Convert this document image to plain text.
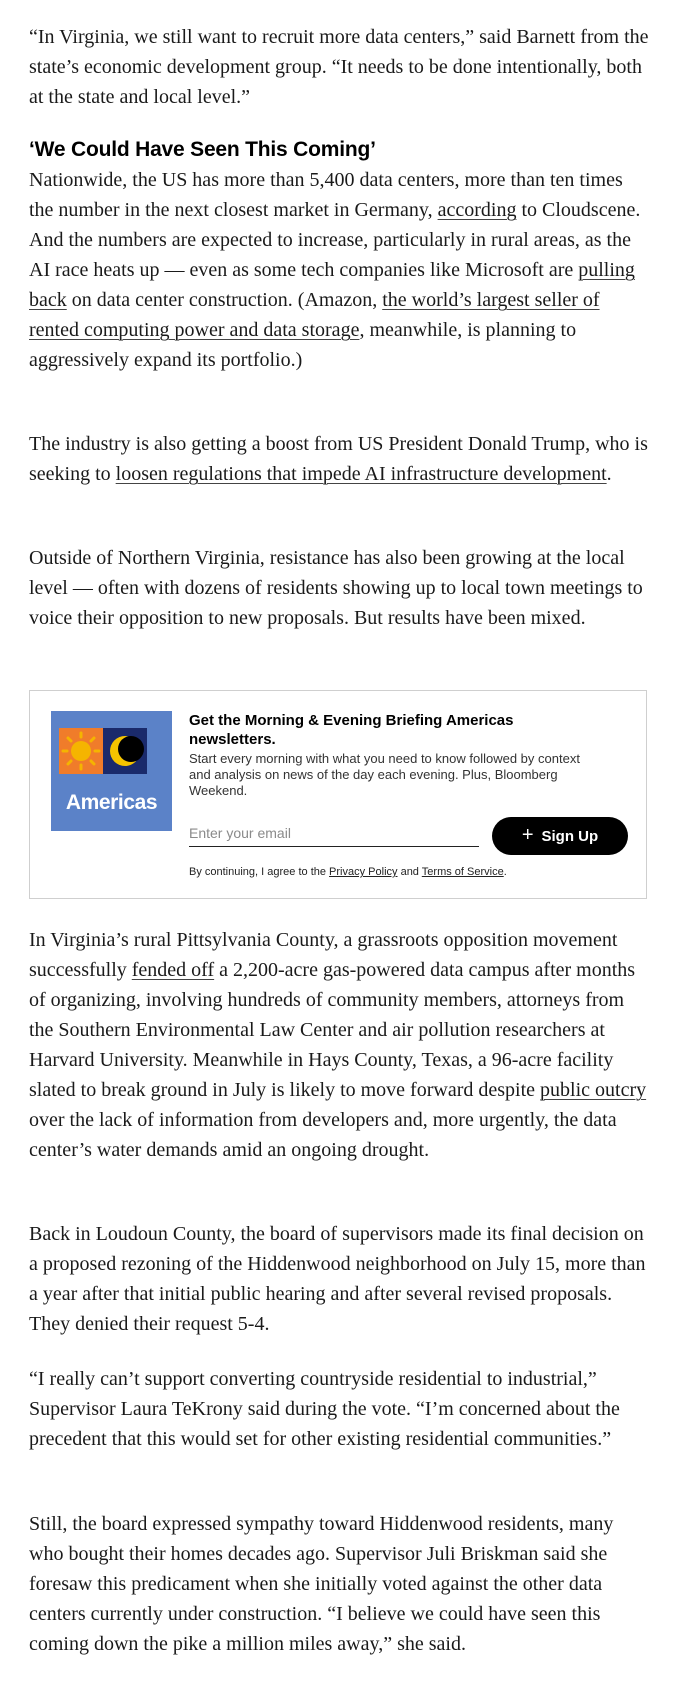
“In Virginia, we still want to recruit more data centers,” said Barnett from the state’s economic development group. “It needs to be done intentionally, both at the state and local level.”

‘We Could Have Seen This Coming’

Nationwide, the US has more than 5,400 data centers, more than ten times the number in the next closest market in Germany, according to Cloudscene. And the numbers are expected to increase, particularly in rural areas, as the AI race heats up — even as some tech companies like Microsoft are pulling back on data center construction. (Amazon, the world’s largest seller of rented computing power and data storage, meanwhile, is planning to aggressively expand its portfolio.)

The industry is also getting a boost from US President Donald Trump, who is seeking to loosen regulations that impede AI infrastructure development.

Outside of Northern Virginia, resistance has also been growing at the local level — often with dozens of residents showing up to local town meetings to voice their opposition to new proposals. But results have been mixed.

Americas
Get the Morning & Evening Briefing Americas newsletters.
Start every morning with what you need to know followed by context and analysis on news of the day each evening. Plus, Bloomberg Weekend.
Enter your email
+ Sign Up
By continuing, I agree to the Privacy Policy and Terms of Service.

In Virginia’s rural Pittsylvania County, a grassroots opposition movement successfully fended off a 2,200-acre gas-powered data campus after months of organizing, involving hundreds of community members, attorneys from the Southern Environmental Law Center and air pollution researchers at Harvard University. Meanwhile in Hays County, Texas, a 96-acre facility slated to break ground in July is likely to move forward despite public outcry over the lack of information from developers and, more urgently, the data center’s water demands amid an ongoing drought.

Back in Loudoun County, the board of supervisors made its final decision on a proposed rezoning of the Hiddenwood neighborhood on July 15, more than a year after that initial public hearing and after several revised proposals. They denied their request 5-4.

“I really can’t support converting countryside residential to industrial,” Supervisor Laura TeKrony said during the vote. “I’m concerned about the precedent that this would set for other existing residential communities.”

Still, the board expressed sympathy toward Hiddenwood residents, many who bought their homes decades ago. Supervisor Juli Briskman said she foresaw this predicament when she initially voted against the other data centers currently under construction. “I believe we could have seen this coming down the pike a million miles away,” she said.
